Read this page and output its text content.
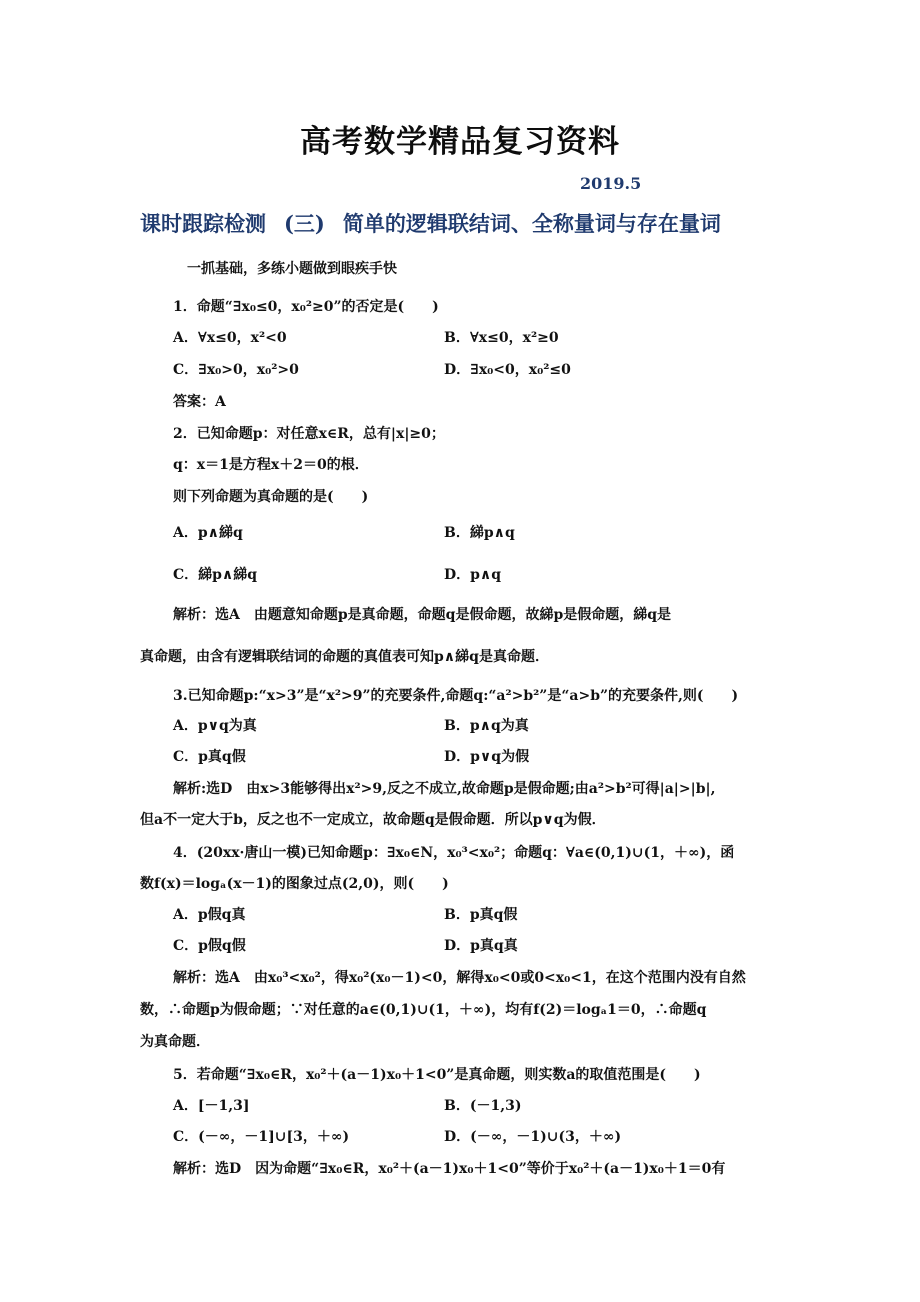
高考数学精品复习资料
2019.5
课时跟踪检测 (三) 简单的逻辑联结词、全称量词与存在量词
一抓基础，多练小题做到眼疾手快
1．命题“∃x₀≤0，x₀²≥0”的否定是(　　)
A．∀x≤0，x²<0	B．∀x≤0，x²≥0
C．∃x₀>0，x₀²>0	D．∃x₀<0，x₀²≤0
答案：A
2．已知命题p：对任意x∈R，总有|x|≥0；
q：x＝1是方程x＋2＝0的根．
则下列命题为真命题的是(　　)
A．p∧綈q	B．綈p∧q
C．綈p∧綈q	D．p∧q
解析：选A　由题意知命题p是真命题，命题q是假命题，故綈p是假命题，綈q是
真命题，由含有逻辑联结词的命题的真值表可知p∧綈q是真命题．
3.已知命题p:“x>3”是“x²>9”的充要条件,命题q:“a²>b²”是“a>b”的充要条件,则(　　)
A．p∨q为真	B．p∧q为真
C．p真q假	D．p∨q为假
解析:选D　由x>3能够得出x²>9,反之不成立,故命题p是假命题;由a²>b²可得|a|>|b|,
但a不一定大于b，反之也不一定成立，故命题q是假命题．所以p∨q为假．
4．(20xx·唐山一模)已知命题p：∃x₀∈N，x₀³<x₀²；命题q：∀a∈(0,1)∪(1，＋∞)，函
数f(x)＝logₐ(x－1)的图象过点(2,0)，则(　　)
A．p假q真	B．p真q假
C．p假q假	D．p真q真
解析：选A　由x₀³<x₀²，得x₀²(x₀－1)<0，解得x₀<0或0<x₀<1，在这个范围内没有自然
数，∴命题p为假命题；∵对任意的a∈(0,1)∪(1，＋∞)，均有f(2)＝logₐ1＝0，∴命题q
为真命题．
5．若命题“∃x₀∈R，x₀²＋(a－1)x₀＋1<0”是真命题，则实数a的取值范围是(　　)
A．[－1,3]	B．(－1,3)
C．(－∞，－1]∪[3，＋∞)	D．(－∞，－1)∪(3，＋∞)
解析：选D　因为命题“∃x₀∈R，x₀²＋(a－1)x₀＋1<0”等价于x₀²＋(a－1)x₀＋1＝0有
